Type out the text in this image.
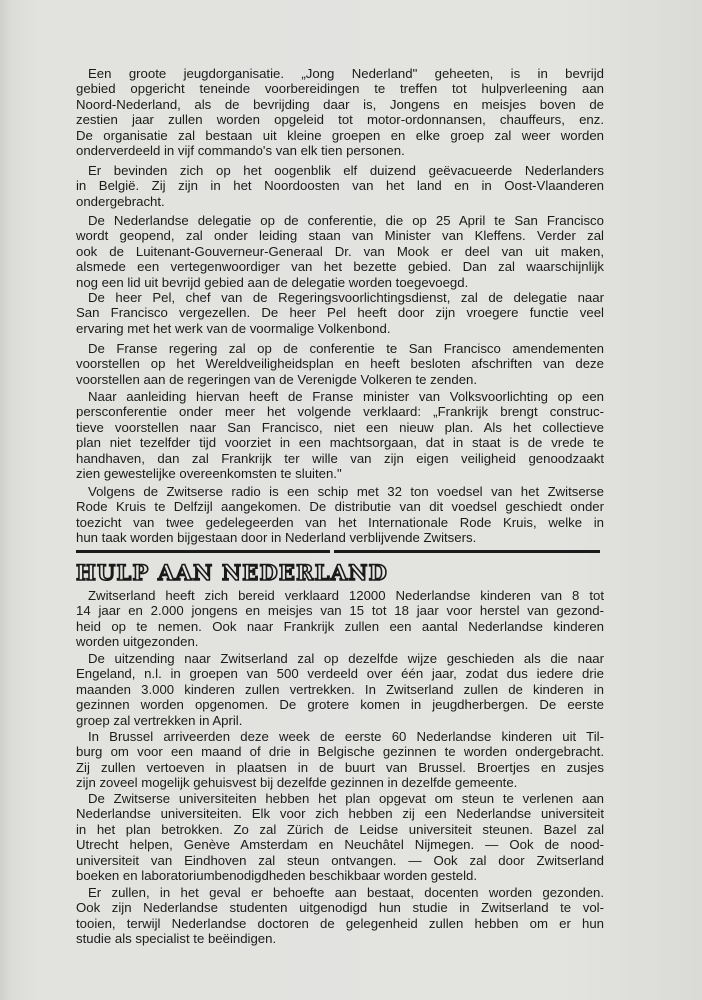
Een groote jeugdorganisatie. „Jong Nederland" geheeten, is in bevrijd
gebied opgericht teneinde voorbereidingen te treffen tot hulpverleening aan
Noord-Nederland, als de bevrijding daar is, Jongens en meisjes boven de
zestien jaar zullen worden opgeleid tot motor-ordonnansen, chauffeurs, enz.
De organisatie zal bestaan uit kleine groepen en elke groep zal weer worden
onderverdeeld in vijf commando's van elk tien personen.
Er bevinden zich op het oogenblik elf duizend geëvacueerde Nederlanders
in België. Zij zijn in het Noordoosten van het land en in Oost-Vlaanderen
ondergebracht.
De Nederlandse delegatie op de conferentie, die op 25 April te San Francisco
wordt geopend, zal onder leiding staan van Minister van Kleffens. Verder zal
ook de Luitenant-Gouverneur-Generaal Dr. van Mook er deel van uit maken,
alsmede een vertegenwoordiger van het bezette gebied. Dan zal waarschijnlijk
nog een lid uit bevrijd gebied aan de delegatie worden toegevoegd.
De heer Pel, chef van de Regeringsvoorlichtingsdienst, zal de delegatie naar
San Francisco vergezellen. De heer Pel heeft door zijn vroegere functie veel
ervaring met het werk van de voormalige Volkenbond.
De Franse regering zal op de conferentie te San Francisco amendementen
voorstellen op het Wereldveiligheidsplan en heeft besloten afschriften van deze
voorstellen aan de regeringen van de Verenigde Volkeren te zenden.
Naar aanleiding hiervan heeft de Franse minister van Volksvoorlichting op een
persconferentie onder meer het volgende verklaard: „Frankrijk brengt construc-
tieve voorstellen naar San Francisco, niet een nieuw plan. Als het collectieve
plan niet tezelfder tijd voorziet in een machtsorgaan, dat in staat is de vrede te
handhaven, dan zal Frankrijk ter wille van zijn eigen veiligheid genoodzaakt
zien gewestelijke overeenkomsten te sluiten."
Volgens de Zwitserse radio is een schip met 32 ton voedsel van het Zwitserse
Rode Kruis te Delfzijl aangekomen. De distributie van dit voedsel geschiedt onder
toezicht van twee gedelegeerden van het Internationale Rode Kruis, welke in
hun taak worden bijgestaan door in Nederland verblijvende Zwitsers.
HULP AAN NEDERLAND
Zwitserland heeft zich bereid verklaard 12000 Nederlandse kinderen van 8 tot
14 jaar en 2.000 jongens en meisjes van 15 tot 18 jaar voor herstel van gezond-
heid op te nemen. Ook naar Frankrijk zullen een aantal Nederlandse kinderen
worden uitgezonden.
De uitzending naar Zwitserland zal op dezelfde wijze geschieden als die naar
Engeland, n.l. in groepen van 500 verdeeld over één jaar, zodat dus iedere drie
maanden 3.000 kinderen zullen vertrekken. In Zwitserland zullen de kinderen in
gezinnen worden opgenomen. De grotere komen in jeugdherbergen. De eerste
groep zal vertrekken in April.
In Brussel arriveerden deze week de eerste 60 Nederlandse kinderen uit Til-
burg om voor een maand of drie in Belgische gezinnen te worden ondergebracht.
Zij zullen vertoeven in plaatsen in de buurt van Brussel. Broertjes en zusjes
zijn zoveel mogelijk gehuisvest bij dezelfde gezinnen in dezelfde gemeente.
De Zwitserse universiteiten hebben het plan opgevat om steun te verlenen aan
Nederlandse universiteiten. Elk voor zich hebben zij een Nederlandse universiteit
in het plan betrokken. Zo zal Zürich de Leidse universiteit steunen. Bazel zal
Utrecht helpen, Genève Amsterdam en Neuchâtel Nijmegen. — Ook de nood-
universiteit van Eindhoven zal steun ontvangen. — Ook zal door Zwitserland
boeken en laboratoriumbenodigdheden beschikbaar worden gesteld.
Er zullen, in het geval er behoefte aan bestaat, docenten worden gezonden.
Ook zijn Nederlandse studenten uitgenodigd hun studie in Zwitserland te vol-
tooien, terwijl Nederlandse doctoren de gelegenheid zullen hebben om er hun
studie als specialist te beëindigen.
